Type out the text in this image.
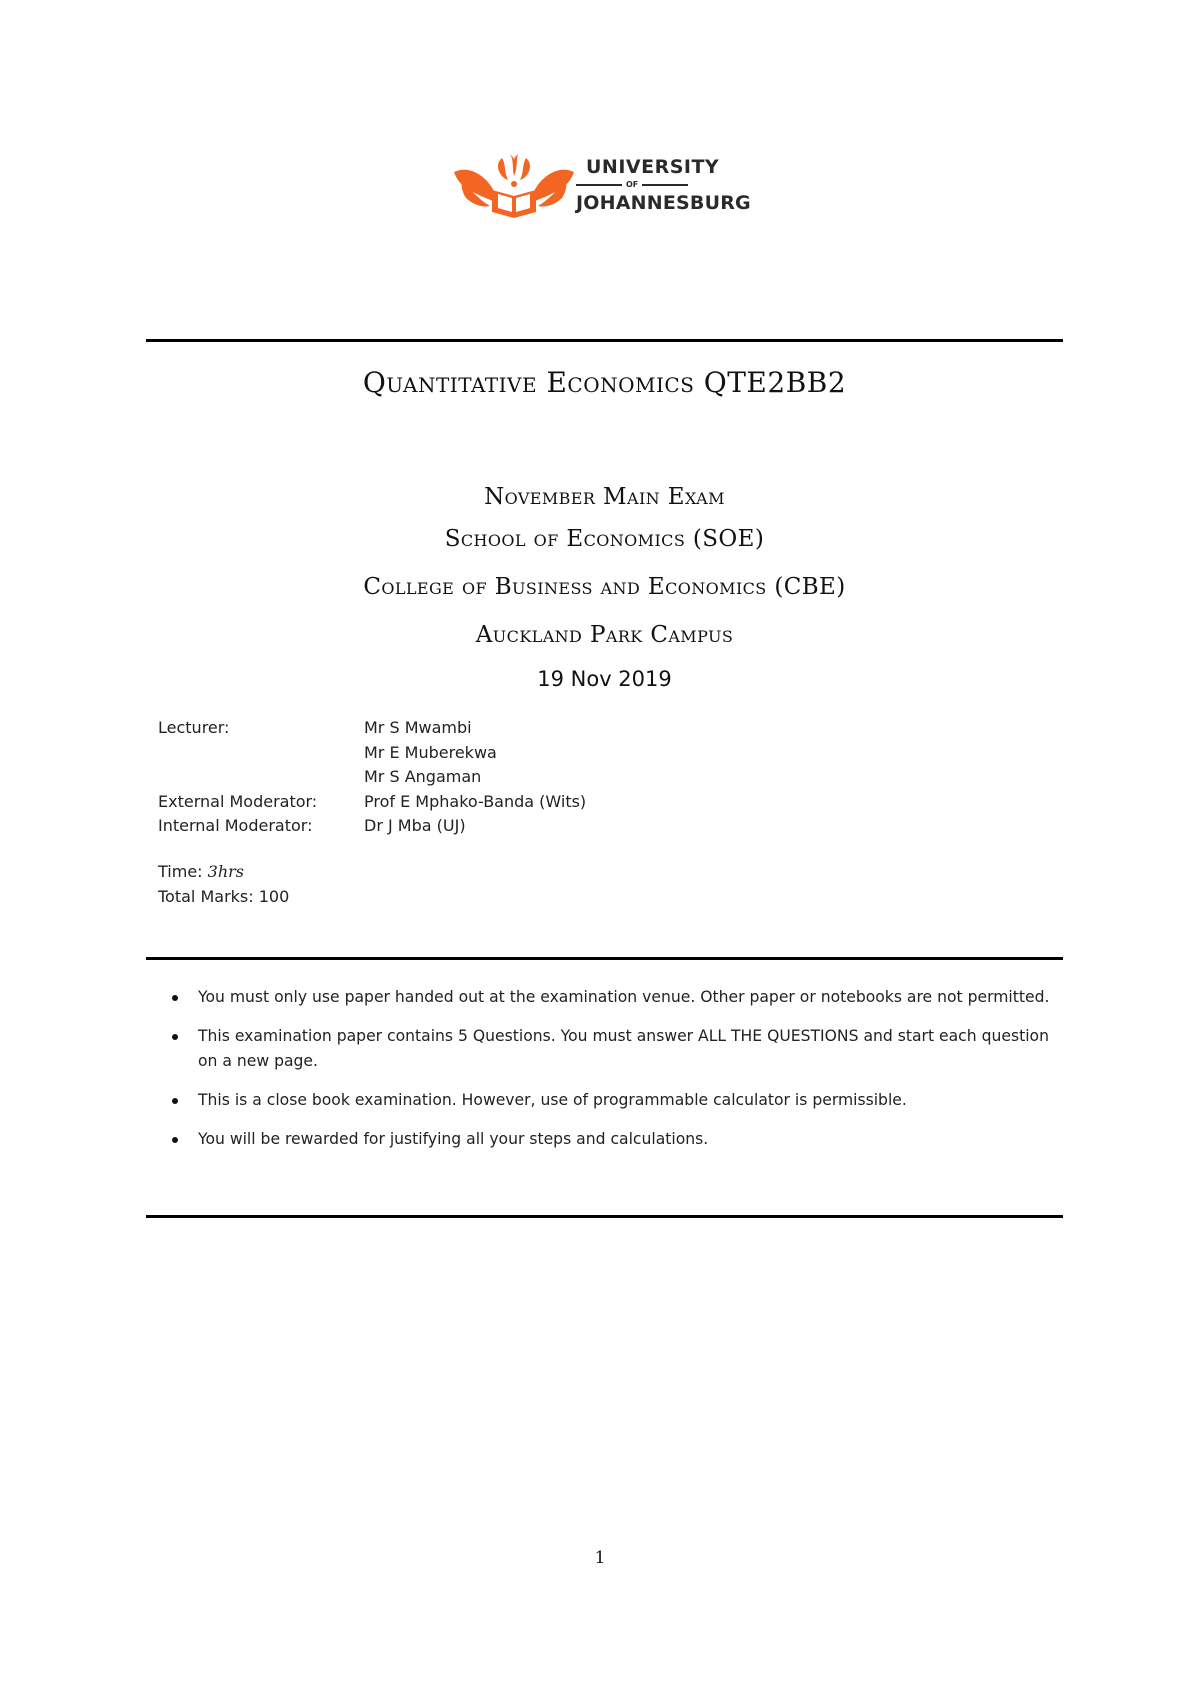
UNIVERSITY
OF
JOHANNESBURG
Quantitative Economics QTE2BB2
November Main Exam
School of Economics (SOE)
College of Business and Economics (CBE)
Auckland Park Campus
19 Nov 2019
Lecturer:	Mr S Mwambi
Mr E Muberekwa
Mr S Angaman
External Moderator:	Prof E Mphako-Banda (Wits)
Internal Moderator:	Dr J Mba (UJ)
Time: 3hrs
Total Marks: 100
You must only use paper handed out at the examination venue. Other paper or notebooks are not permitted.
This examination paper contains 5 Questions. You must answer ALL THE QUESTIONS and start each question on a new page.
This is a close book examination. However, use of programmable calculator is permissible.
You will be rewarded for justifying all your steps and calculations.
1
